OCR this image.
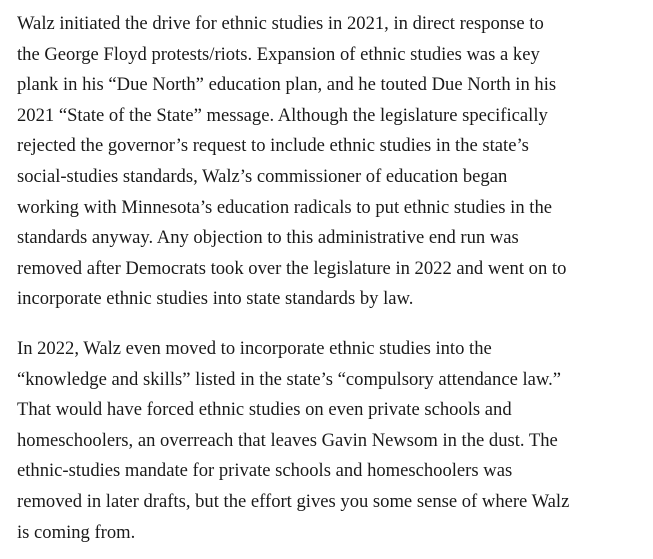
Walz initiated the drive for ethnic studies in 2021, in direct response to
the George Floyd protests/riots. Expansion of ethnic studies was a key
plank in his “Due North” education plan, and he touted Due North in his
2021 “State of the State” message. Although the legislature specifically
rejected the governor’s request to include ethnic studies in the state’s
social-studies standards, Walz’s commissioner of education began
working with Minnesota’s education radicals to put ethnic studies in the
standards anyway. Any objection to this administrative end run was
removed after Democrats took over the legislature in 2022 and went on to
incorporate ethnic studies into state standards by law.

In 2022, Walz even moved to incorporate ethnic studies into the
“knowledge and skills” listed in the state’s “compulsory attendance law.”
That would have forced ethnic studies on even private schools and
homeschoolers, an overreach that leaves Gavin Newsom in the dust. The
ethnic-studies mandate for private schools and homeschoolers was
removed in later drafts, but the effort gives you some sense of where Walz
is coming from.
